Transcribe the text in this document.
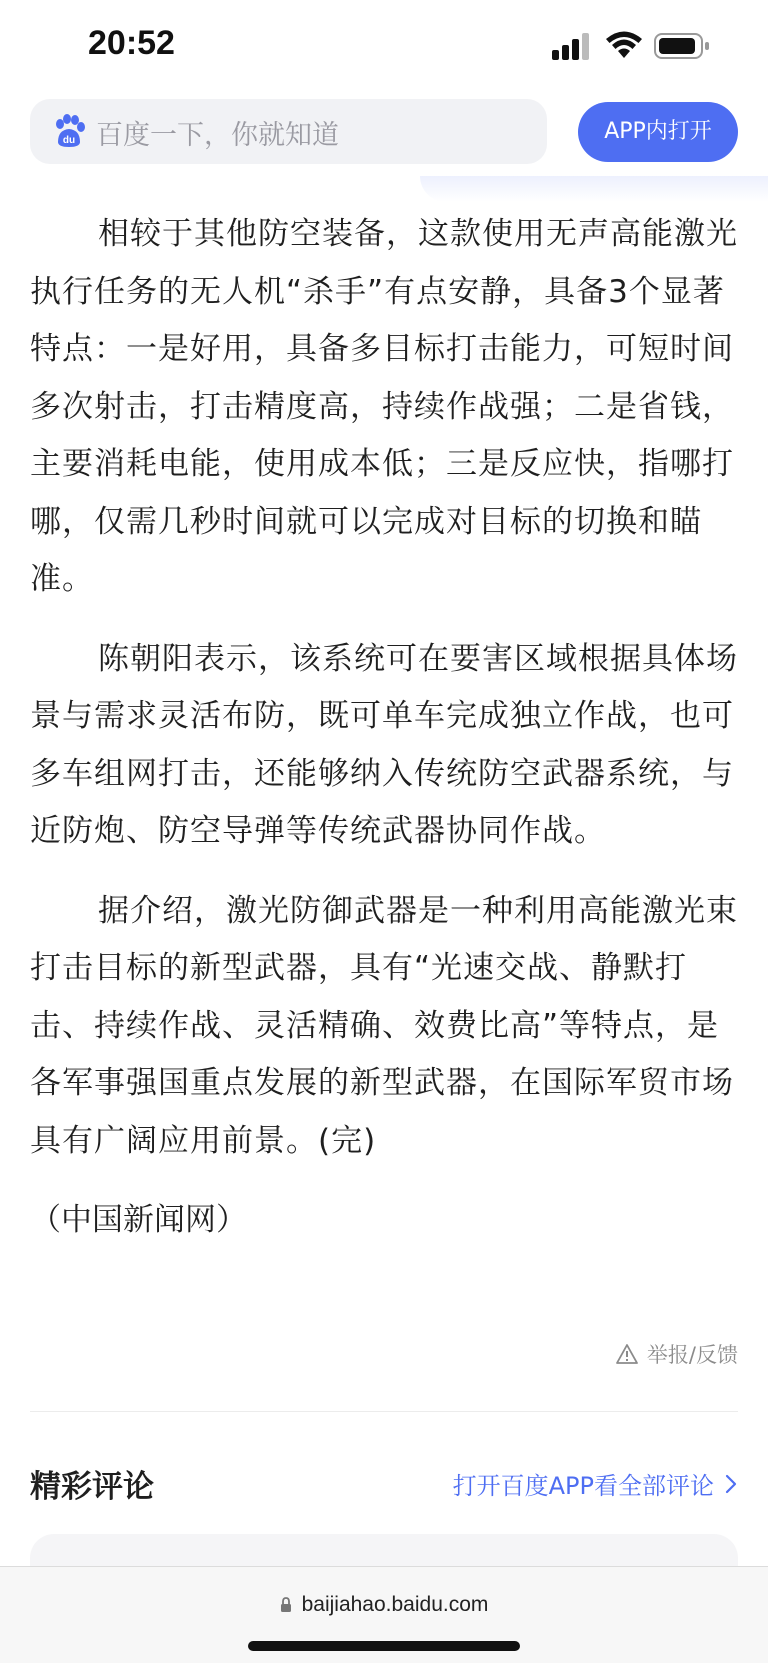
20:52
du 百度一下，你就知道	APP内打开

相较于其他防空装备，这款使用无声高能激光执行任务的无人机“杀手”有点安静，具备3个显著特点：一是好用，具备多目标打击能力，可短时间多次射击，打击精度高，持续作战强；二是省钱，主要消耗电能，使用成本低；三是反应快，指哪打哪，仅需几秒时间就可以完成对目标的切换和瞄准。

陈朝阳表示，该系统可在要害区域根据具体场景与需求灵活布防，既可单车完成独立作战，也可多车组网打击，还能够纳入传统防空武器系统，与近防炮、防空导弹等传统武器协同作战。

据介绍，激光防御武器是一种利用高能激光束打击目标的新型武器，具有“光速交战、静默打击、持续作战、灵活精确、效费比高”等特点，是各军事强国重点发展的新型武器，在国际军贸市场具有广阔应用前景。(完)

（中国新闻网）

举报/反馈
精彩评论	打开百度APP看全部评论
baijiahao.baidu.com
